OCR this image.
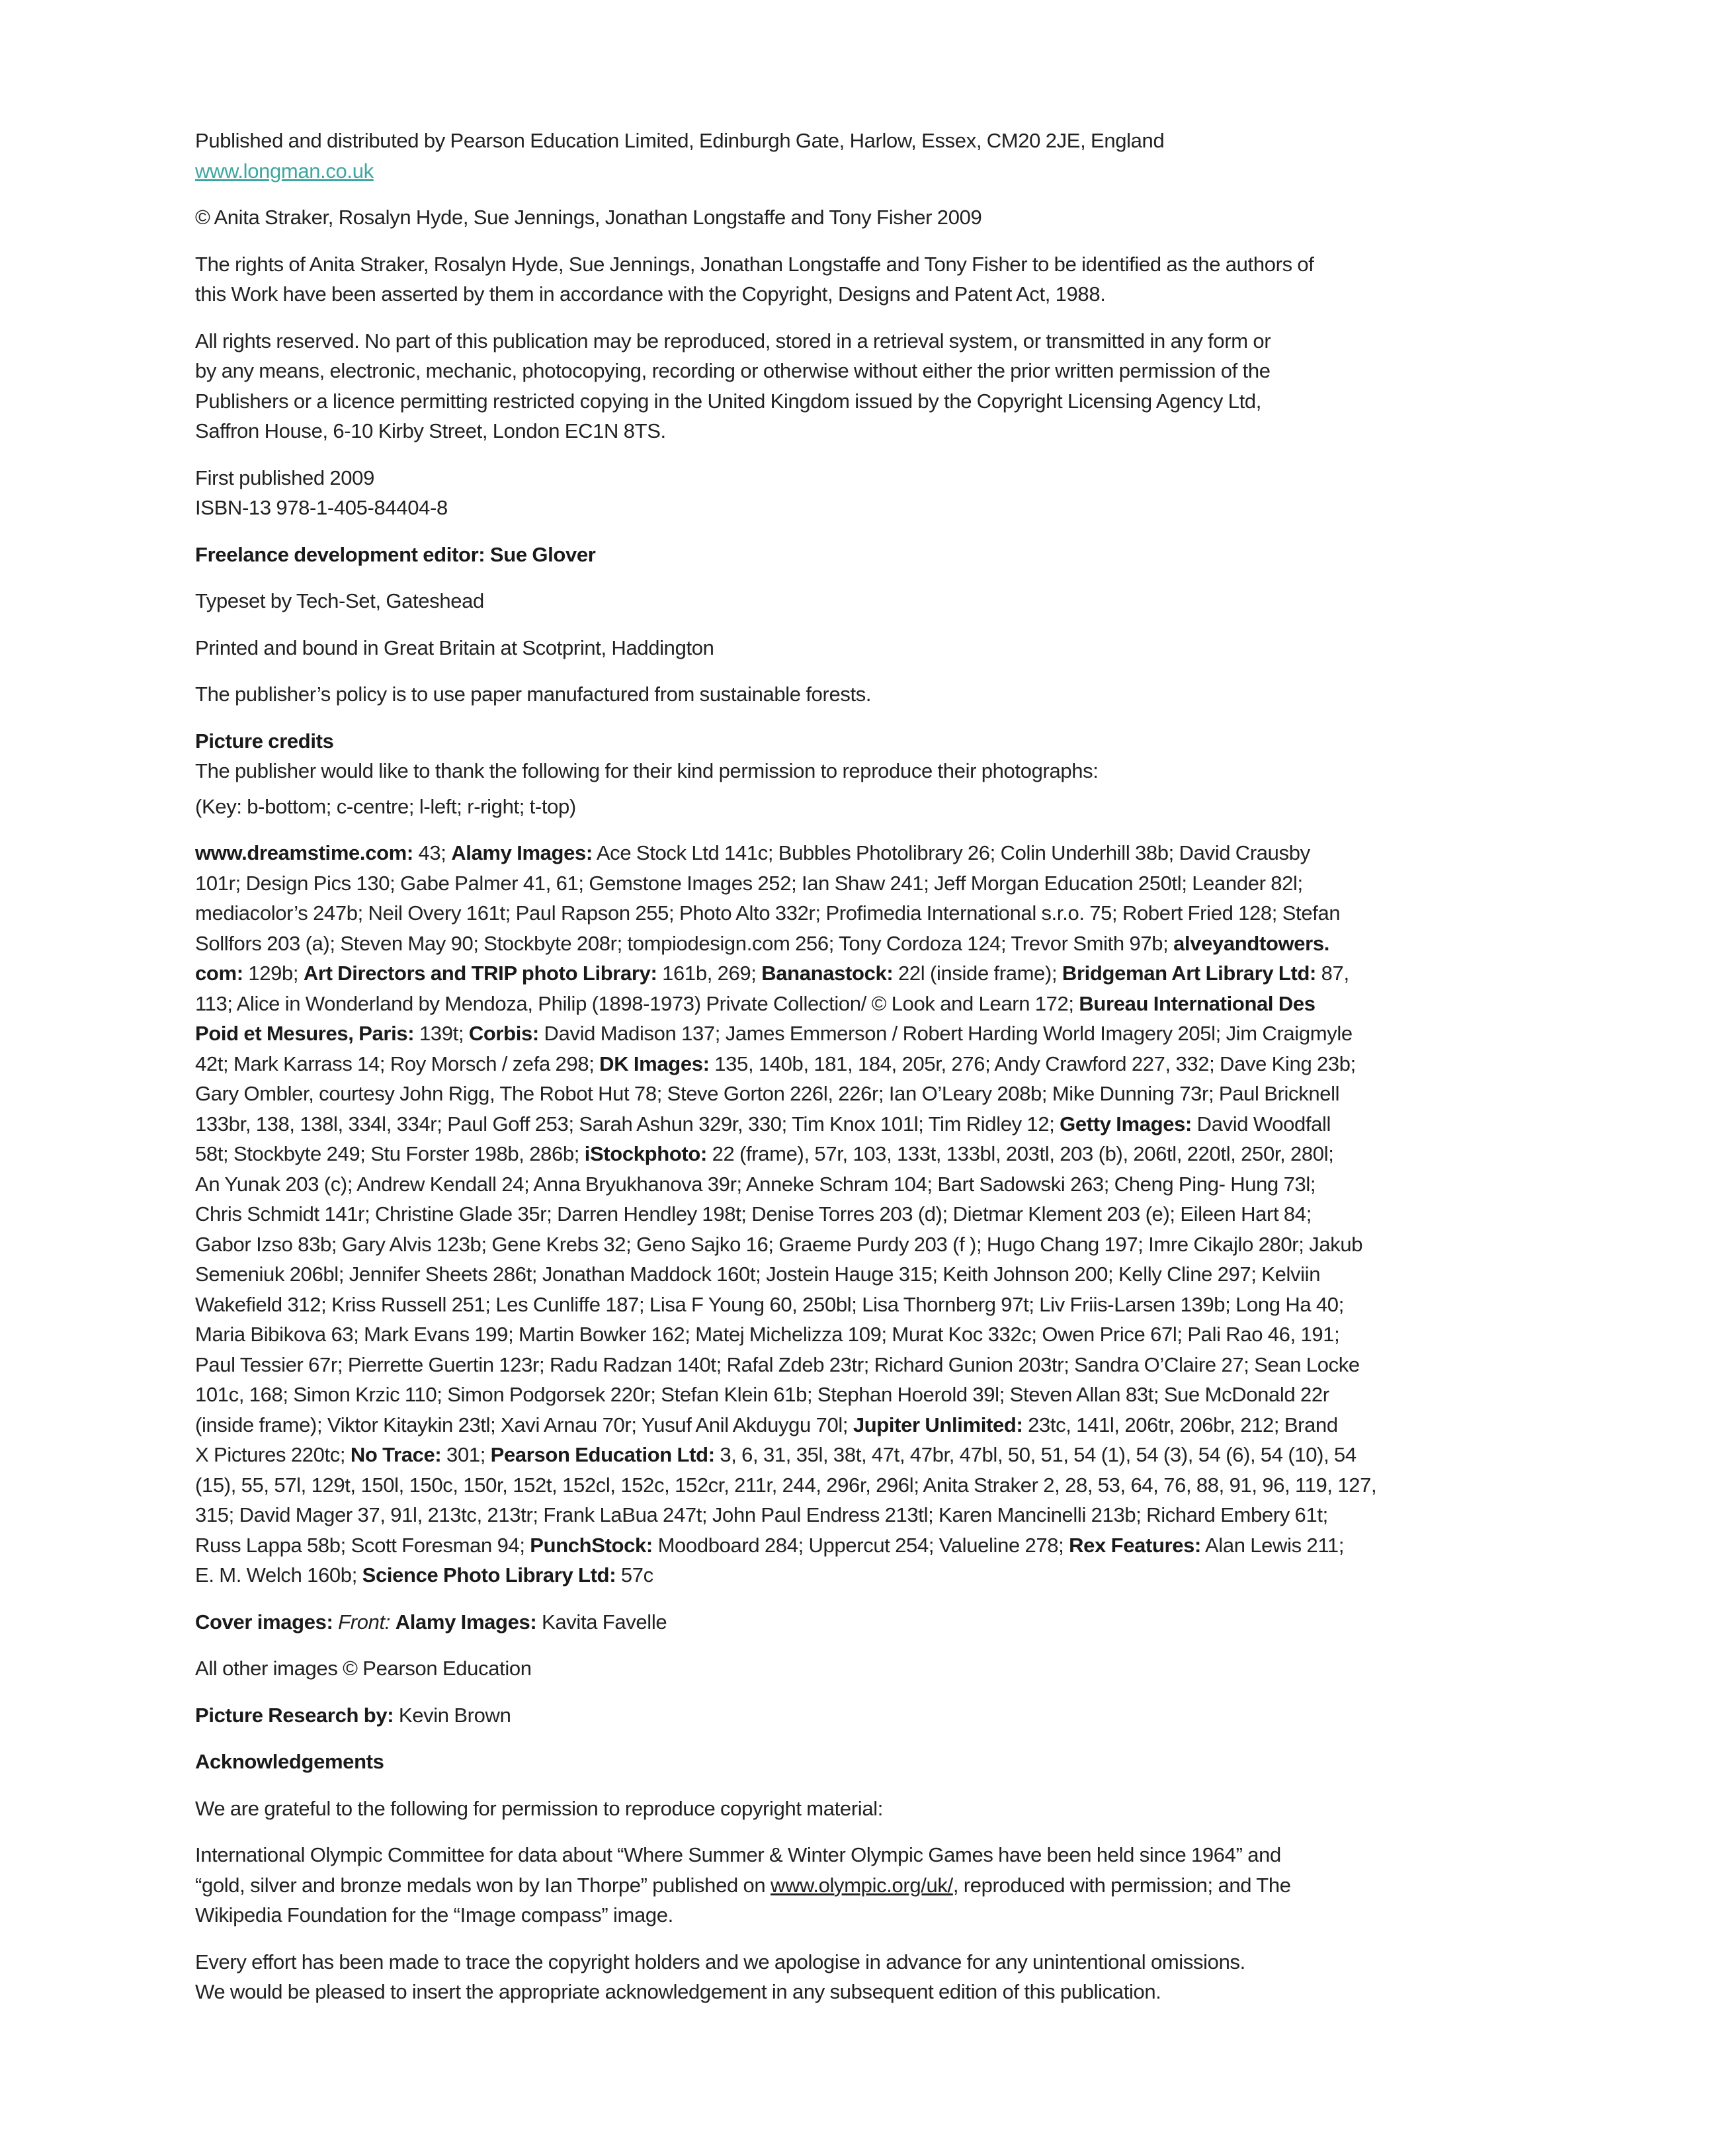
Published and distributed by Pearson Education Limited, Edinburgh Gate, Harlow, Essex, CM20 2JE, England
www.longman.co.uk

© Anita Straker, Rosalyn Hyde, Sue Jennings, Jonathan Longstaffe and Tony Fisher 2009

The rights of Anita Straker, Rosalyn Hyde, Sue Jennings, Jonathan Longstaffe and Tony Fisher to be identified as the authors of
this Work have been asserted by them in accordance with the Copyright, Designs and Patent Act, 1988.

All rights reserved. No part of this publication may be reproduced, stored in a retrieval system, or transmitted in any form or
by any means, electronic, mechanic, photocopying, recording or otherwise without either the prior written permission of the
Publishers or a licence permitting restricted copying in the United Kingdom issued by the Copyright Licensing Agency Ltd,
Saffron House, 6-10 Kirby Street, London EC1N 8TS.

First published 2009
ISBN-13 978-1-405-84404-8

Freelance development editor: Sue Glover

Typeset by Tech-Set, Gateshead

Printed and bound in Great Britain at Scotprint, Haddington

The publisher’s policy is to use paper manufactured from sustainable forests.

Picture credits
The publisher would like to thank the following for their kind permission to reproduce their photographs:

(Key: b-bottom; c-centre; l-left; r-right; t-top)

www.dreamstime.com: 43; Alamy Images: Ace Stock Ltd 141c; Bubbles Photolibrary 26; Colin Underhill 38b; David Crausby
101r; Design Pics 130; Gabe Palmer 41, 61; Gemstone Images 252; Ian Shaw 241; Jeff Morgan Education 250tl; Leander 82l;
mediacolor’s 247b; Neil Overy 161t; Paul Rapson 255; Photo Alto 332r; Profimedia International s.r.o. 75; Robert Fried 128; Stefan
Sollfors 203 (a); Steven May 90; Stockbyte 208r; tompiodesign.com 256; Tony Cordoza 124; Trevor Smith 97b; alveyandtowers.
com: 129b; Art Directors and TRIP photo Library: 161b, 269; Bananastock: 22l (inside frame); Bridgeman Art Library Ltd: 87,
113; Alice in Wonderland by Mendoza, Philip (1898-1973) Private Collection/ © Look and Learn 172; Bureau International Des
Poid et Mesures, Paris: 139t; Corbis: David Madison 137; James Emmerson / Robert Harding World Imagery 205l; Jim Craigmyle
42t; Mark Karrass 14; Roy Morsch / zefa 298; DK Images: 135, 140b, 181, 184, 205r, 276; Andy Crawford 227, 332; Dave King 23b;
Gary Ombler, courtesy John Rigg, The Robot Hut 78; Steve Gorton 226l, 226r; Ian O’Leary 208b; Mike Dunning 73r; Paul Bricknell
133br, 138, 138l, 334l, 334r; Paul Goff 253; Sarah Ashun 329r, 330; Tim Knox 101l; Tim Ridley 12; Getty Images: David Woodfall
58t; Stockbyte 249; Stu Forster 198b, 286b; iStockphoto: 22 (frame), 57r, 103, 133t, 133bl, 203tl, 203 (b), 206tl, 220tl, 250r, 280l;
An Yunak 203 (c); Andrew Kendall 24; Anna Bryukhanova 39r; Anneke Schram 104; Bart Sadowski 263; Cheng Ping- Hung 73l;
Chris Schmidt 141r; Christine Glade 35r; Darren Hendley 198t; Denise Torres 203 (d); Dietmar Klement 203 (e); Eileen Hart 84;
Gabor Izso 83b; Gary Alvis 123b; Gene Krebs 32; Geno Sajko 16; Graeme Purdy 203 (f ); Hugo Chang 197; Imre Cikajlo 280r; Jakub
Semeniuk 206bl; Jennifer Sheets 286t; Jonathan Maddock 160t; Jostein Hauge 315; Keith Johnson 200; Kelly Cline 297; Kelviin
Wakefield 312; Kriss Russell 251; Les Cunliffe 187; Lisa F Young 60, 250bl; Lisa Thornberg 97t; Liv Friis-Larsen 139b; Long Ha 40;
Maria Bibikova 63; Mark Evans 199; Martin Bowker 162; Matej Michelizza 109; Murat Koc 332c; Owen Price 67l; Pali Rao 46, 191;
Paul Tessier 67r; Pierrette Guertin 123r; Radu Radzan 140t; Rafal Zdeb 23tr; Richard Gunion 203tr; Sandra O’Claire 27; Sean Locke
101c, 168; Simon Krzic 110; Simon Podgorsek 220r; Stefan Klein 61b; Stephan Hoerold 39l; Steven Allan 83t; Sue McDonald 22r
(inside frame); Viktor Kitaykin 23tl; Xavi Arnau 70r; Yusuf Anil Akduygu 70l; Jupiter Unlimited: 23tc, 141l, 206tr, 206br, 212; Brand
X Pictures 220tc; No Trace: 301; Pearson Education Ltd: 3, 6, 31, 35l, 38t, 47t, 47br, 47bl, 50, 51, 54 (1), 54 (3), 54 (6), 54 (10), 54
(15), 55, 57l, 129t, 150l, 150c, 150r, 152t, 152cl, 152c, 152cr, 211r, 244, 296r, 296l; Anita Straker 2, 28, 53, 64, 76, 88, 91, 96, 119, 127,
315; David Mager 37, 91l, 213tc, 213tr; Frank LaBua 247t; John Paul Endress 213tl; Karen Mancinelli 213b; Richard Embery 61t;
Russ Lappa 58b; Scott Foresman 94; PunchStock: Moodboard 284; Uppercut 254; Valueline 278; Rex Features: Alan Lewis 211;
E. M. Welch 160b; Science Photo Library Ltd: 57c

Cover images: Front: Alamy Images: Kavita Favelle

All other images © Pearson Education

Picture Research by: Kevin Brown

Acknowledgements

We are grateful to the following for permission to reproduce copyright material:

International Olympic Committee for data about “Where Summer & Winter Olympic Games have been held since 1964” and
“gold, silver and bronze medals won by Ian Thorpe” published on www.olympic.org/uk/, reproduced with permission; and The
Wikipedia Foundation for the “Image compass” image.

Every effort has been made to trace the copyright holders and we apologise in advance for any unintentional omissions.
We would be pleased to insert the appropriate acknowledgement in any subsequent edition of this publication.
